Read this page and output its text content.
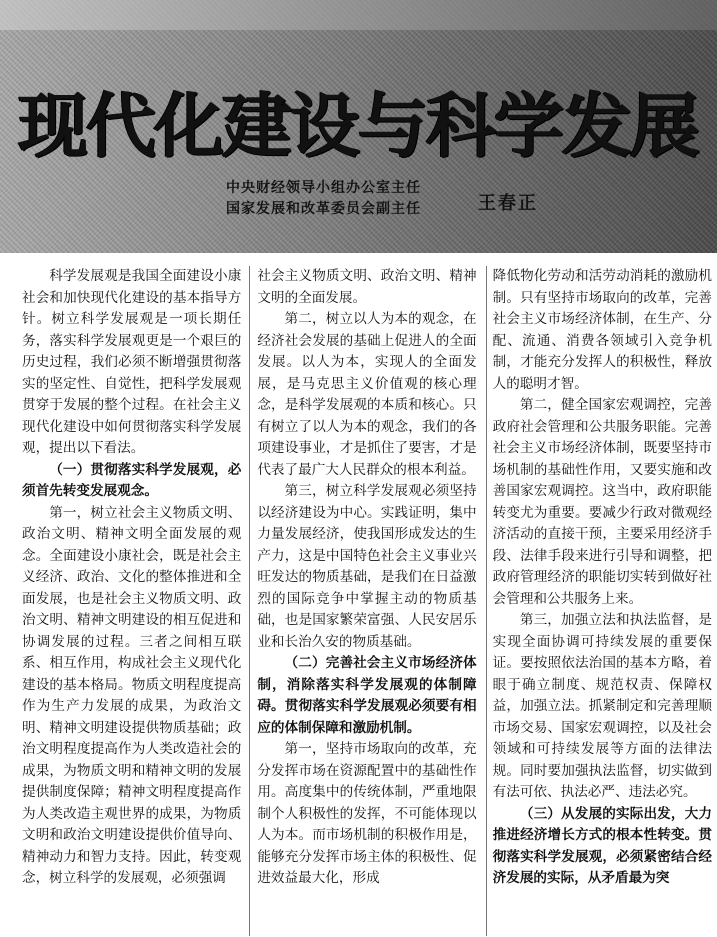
现代化建设与科学发展
中央财经领导小组办公室主任
国家发展和改革委员会副主任	王春正

科学发展观是我国全面建设小康社会和加快现代化建设的基本指导方针。树立科学发展观是一项长期任务，落实科学发展观更是一个艰巨的历史过程，我们必须不断增强贯彻落实的坚定性、自觉性，把科学发展观贯穿于发展的整个过程。在社会主义现代化建设中如何贯彻落实科学发展观，提出以下看法。

（一）贯彻落实科学发展观，必须首先转变发展观念。

第一，树立社会主义物质文明、政治文明、精神文明全面发展的观念。全面建设小康社会，既是社会主义经济、政治、文化的整体推进和全面发展，也是社会主义物质文明、政治文明、精神文明建设的相互促进和协调发展的过程。三者之间相互联系、相互作用，构成社会主义现代化建设的基本格局。物质文明程度提高作为生产力发展的成果，为政治文明、精神文明建设提供物质基础；政治文明程度提高作为人类改造社会的成果，为物质文明和精神文明的发展提供制度保障；精神文明程度提高作为人类改造主观世界的成果，为物质文明和政治文明建设提供价值导向、精神动力和智力支持。因此，转变观念，树立科学的发展观，必须强调

社会主义物质文明、政治文明、精神文明的全面发展。

第二，树立以人为本的观念，在经济社会发展的基础上促进人的全面发展。以人为本，实现人的全面发展，是马克思主义价值观的核心理念，是科学发展观的本质和核心。只有树立了以人为本的观念，我们的各项建设事业，才是抓住了要害，才是代表了最广大人民群众的根本利益。

第三，树立科学发展观必须坚持以经济建设为中心。实践证明，集中力量发展经济，使我国形成发达的生产力，这是中国特色社会主义事业兴旺发达的物质基础，是我们在日益激烈的国际竞争中掌握主动的物质基础，也是国家繁荣富强、人民安居乐业和长治久安的物质基础。

（二）完善社会主义市场经济体制，消除落实科学发展观的体制障碍。贯彻落实科学发展观必须要有相应的体制保障和激励机制。

第一，坚持市场取向的改革，充分发挥市场在资源配置中的基础性作用。高度集中的传统体制，严重地限制个人积极性的发挥，不可能体现以人为本。而市场机制的积极作用是，能够充分发挥市场主体的积极性、促进效益最大化，形成

降低物化劳动和活劳动消耗的激励机制。只有坚持市场取向的改革，完善社会主义市场经济体制，在生产、分配、流通、消费各领域引入竞争机制，才能充分发挥人的积极性，释放人的聪明才智。

第二，健全国家宏观调控，完善政府社会管理和公共服务职能。完善社会主义市场经济体制，既要坚持市场机制的基础性作用，又要实施和改善国家宏观调控。这当中，政府职能转变尤为重要。要减少行政对微观经济活动的直接干预，主要采用经济手段、法律手段来进行引导和调整，把政府管理经济的职能切实转到做好社会管理和公共服务上来。

第三，加强立法和执法监督，是实现全面协调可持续发展的重要保证。要按照依法治国的基本方略，着眼于确立制度、规范权责、保障权益，加强立法。抓紧制定和完善理顺市场交易、国家宏观调控，以及社会领域和可持续发展等方面的法律法规。同时要加强执法监督，切实做到有法可依、执法必严、违法必究。

（三）从发展的实际出发，大力推进经济增长方式的根本性转变。贯彻落实科学发展观，必须紧密结合经济发展的实际，从矛盾最为突
